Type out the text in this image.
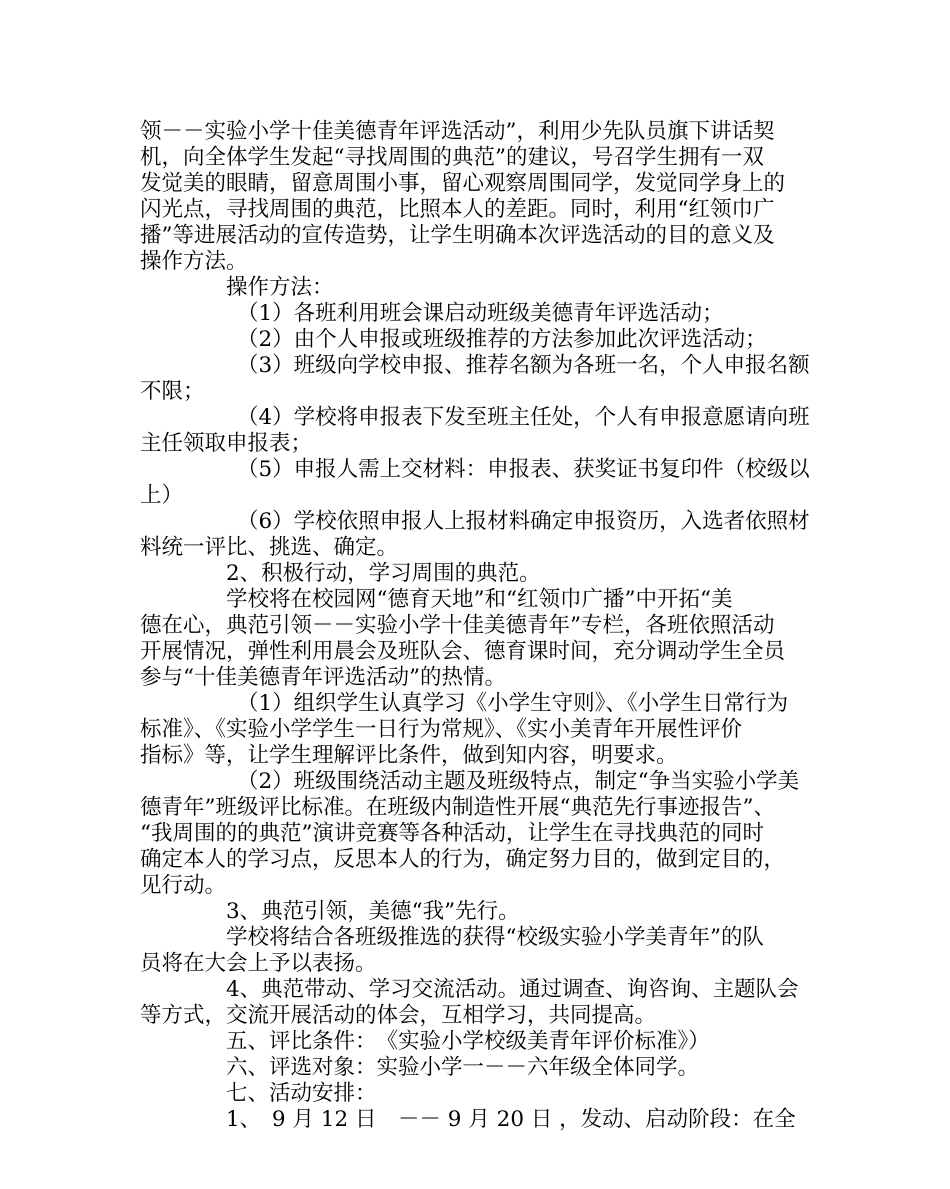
领－－实验小学十佳美德青年评选活动”，利用少先队员旗下讲话契
机，向全体学生发起“寻找周围的典范”的建议，号召学生拥有一双
发觉美的眼睛，留意周围小事，留心观察周围同学，发觉同学身上的
闪光点，寻找周围的典范，比照本人的差距。同时，利用“红领巾广
播”等进展活动的宣传造势，让学生明确本次评选活动的目的意义及
操作方法。
操作方法：
（1）各班利用班会课启动班级美德青年评选活动；
（2）由个人申报或班级推荐的方法参加此次评选活动；
（3）班级向学校申报、推荐名额为各班一名，个人申报名额
不限；
（4）学校将申报表下发至班主任处，个人有申报意愿请向班
主任领取申报表；
（5）申报人需上交材料：申报表、获奖证书复印件（校级以
上）
（6）学校依照申报人上报材料确定申报资历，入选者依照材
料统一评比、挑选、确定。
2、积极行动，学习周围的典范。
学校将在校园网“德育天地”和“红领巾广播”中开拓“美
德在心，典范引领－－实验小学十佳美德青年”专栏，各班依照活动
开展情况，弹性利用晨会及班队会、德育课时间，充分调动学生全员
参与“十佳美德青年评选活动”的热情。
（1）组织学生认真学习《小学生守则》、《小学生日常行为
标准》、《实验小学学生一日行为常规》、《实小美青年开展性评价
指标》等，让学生理解评比条件，做到知内容，明要求。
（2）班级围绕活动主题及班级特点，制定“争当实验小学美
德青年”班级评比标准。在班级内制造性开展“典范先行事迹报告”、
“我周围的的典范”演讲竞赛等各种活动，让学生在寻找典范的同时
确定本人的学习点，反思本人的行为，确定努力目的，做到定目的，
见行动。
3、典范引领，美德“我”先行。
学校将结合各班级推选的获得“校级实验小学美青年”的队
员将在大会上予以表扬。
4、典范带动、学习交流活动。通过调查、询咨询、主题队会
等方式，交流开展活动的体会，互相学习，共同提高。
五、评比条件：　《实验小学校级美青年评价标准》）
六、评选对象：实验小学一－－六年级全体同学。
七、活动安排：
1、　9 月 12 日　－－ 9 月 20 日 ，发动、启动阶段：在全
